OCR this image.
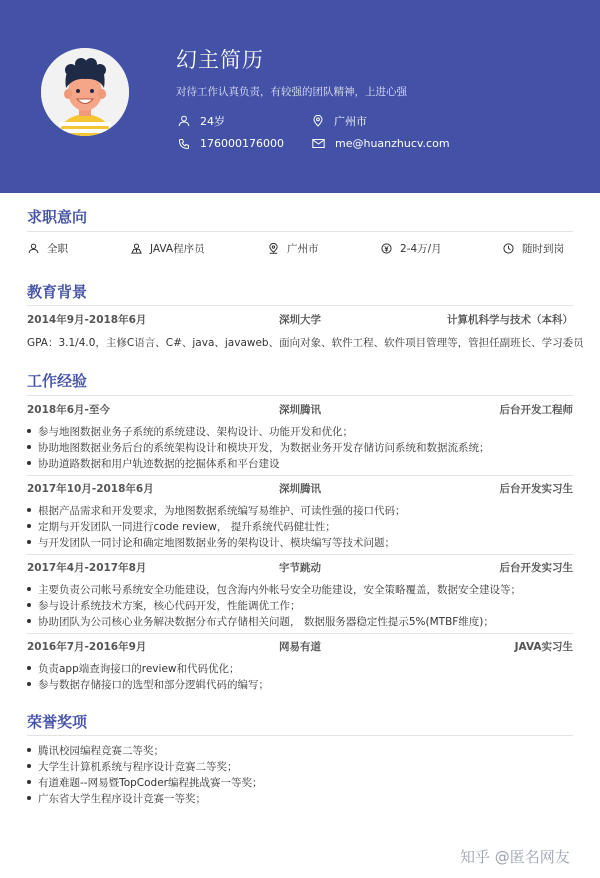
幻主简历
对待工作认真负责，有较强的团队精神，上进心强
24岁	广州市
176000176000	me@huanzhucv.com
求职意向
全职	JAVA程序员	广州市	2-4万/月	随时到岗
教育背景
2014年9月-2018年6月	深圳大学	计算机科学与技术（本科）
GPA：3.1/4.0，主修C语言、C#、java、javaweb、面向对象、软件工程、软件项目管理等，管担任副班长、学习委员
工作经验
2018年6月-至今	深圳腾讯	后台开发工程师
参与地图数据业务子系统的系统建设、架构设计、功能开发和优化；
协助地图数据业务后台的系统架构设计和模块开发，为数据业务开发存储访问系统和数据流系统；
协助道路数据和用户轨迹数据的挖掘体系和平台建设
2017年10月-2018年6月	深圳腾讯	后台开发实习生
根据产品需求和开发要求，为地图数据系统编写易维护、可读性强的接口代码；
定期与开发团队一同进行code review， 提升系统代码健壮性；
与开发团队一同讨论和确定地图数据业务的架构设计、模块编写等技术问题；
2017年4月-2017年8月	宇节跳动	后台开发实习生
主要负责公司帐号系统安全功能建设，包含海内外帐号安全功能建设，安全策略覆盖，数据安全建设等；
参与设计系统技术方案，核心代码开发，性能调优工作；
协助团队为公司核心业务解决数据分布式存储相关问题， 数据服务器稳定性提示5%(MTBF维度)；
2016年7月-2016年9月	网易有道	JAVA实习生
负责app端查询接口的review和代码优化；
参与数据存储接口的选型和部分逻辑代码的编写；
荣誉奖项
腾讯校园编程竞赛二等奖；
大学生计算机系统与程序设计竞赛二等奖；
有道难题--网易暨TopCoder编程挑战赛一等奖；
广东省大学生程序设计竞赛一等奖；
知乎 @匿名网友
